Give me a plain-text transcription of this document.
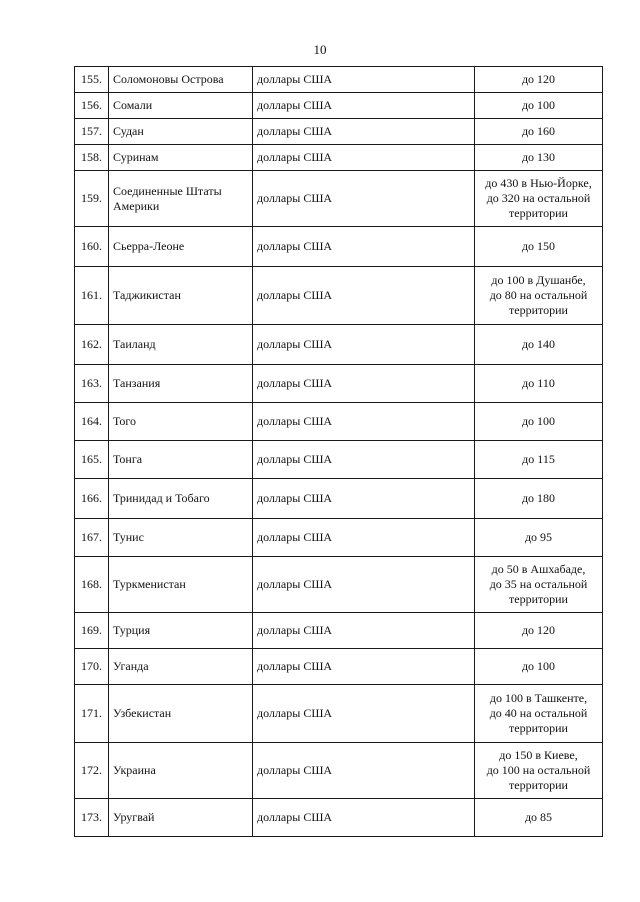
10
155.	Соломоновы Острова	доллары США	до 120
156.	Сомали	доллары США	до 100
157.	Судан	доллары США	до 160
158.	Суринам	доллары США	до 130
159.	Соединенные Штаты
Америки	доллары США	до 430 в Нью-Йорке,
до 320 на остальной
территории
160.	Сьерра-Леоне	доллары США	до 150
161.	Таджикистан	доллары США	до 100 в Душанбе,
до 80 на остальной
территории
162.	Таиланд	доллары США	до 140
163.	Танзания	доллары США	до 110
164.	Того	доллары США	до 100
165.	Тонга	доллары США	до 115
166.	Тринидад и Тобаго	доллары США	до 180
167.	Тунис	доллары США	до 95
168.	Туркменистан	доллары США	до 50 в Ашхабаде,
до 35 на остальной
территории
169.	Турция	доллары США	до 120
170.	Уганда	доллары США	до 100
171.	Узбекистан	доллары США	до 100 в Ташкенте,
до 40 на остальной
территории
172.	Украина	доллары США	до 150 в Киеве,
до 100 на остальной
территории
173.	Уругвай	доллары США	до 85
